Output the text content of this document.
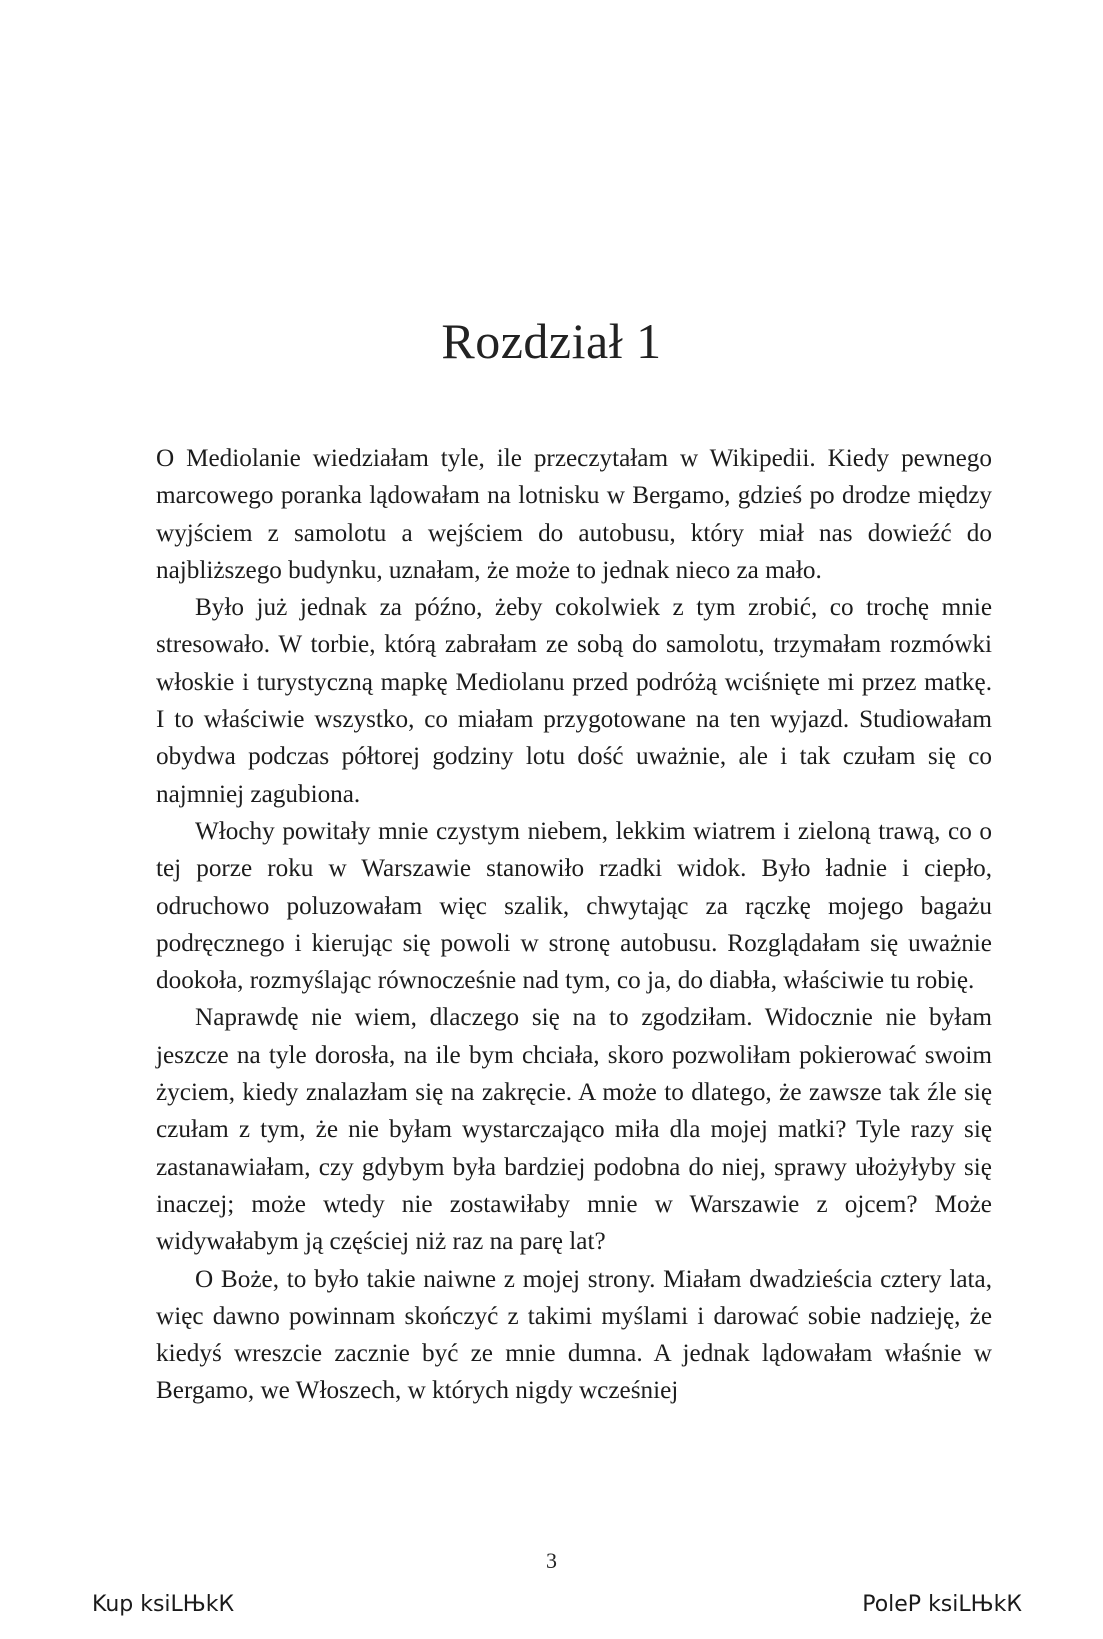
Rozdział 1

O Mediolanie wiedziałam tyle, ile przeczytałam w Wikipedii. Kiedy pewnego marcowego poranka lądowałam na lotnisku w Bergamo, gdzieś po drodze między wyjściem z samolotu a wejściem do autobusu, który miał nas dowieźć do najbliższego budynku, uznałam, że może to jednak nieco za mało.

Było już jednak za późno, żeby cokolwiek z tym zrobić, co trochę mnie stresowało. W torbie, którą zabrałam ze sobą do samolotu, trzymałam rozmówki włoskie i turystyczną mapkę Mediolanu przed podróżą wciśnięte mi przez matkę. I to właściwie wszystko, co miałam przygotowane na ten wyjazd. Studiowałam obydwa podczas półtorej godziny lotu dość uważnie, ale i tak czułam się co najmniej zagubiona.

Włochy powitały mnie czystym niebem, lekkim wiatrem i zieloną trawą, co o tej porze roku w Warszawie stanowiło rzadki widok. Było ładnie i ciepło, odruchowo poluzowałam więc szalik, chwytając za rączkę mojego bagażu podręcznego i kierując się powoli w stronę autobusu. Rozglądałam się uważnie dookoła, rozmyślając równocześnie nad tym, co ja, do diabła, właściwie tu robię.

Naprawdę nie wiem, dlaczego się na to zgodziłam. Widocznie nie byłam jeszcze na tyle dorosła, na ile bym chciała, skoro pozwoliłam pokierować swoim życiem, kiedy znalazłam się na zakręcie. A może to dlatego, że zawsze tak źle się czułam z tym, że nie byłam wystarczająco miła dla mojej matki? Tyle razy się zastanawiałam, czy gdybym była bardziej podobna do niej, sprawy ułożyłyby się inaczej; może wtedy nie zostawiłaby mnie w Warszawie z ojcem? Może widywałabym ją częściej niż raz na parę lat?

O Boże, to było takie naiwne z mojej strony. Miałam dwadzieścia cztery lata, więc dawno powinnam skończyć z takimi myślami i darować sobie nadzieję, że kiedyś wreszcie zacznie być ze mnie dumna. A jednak lądowałam właśnie w Bergamo, we Włoszech, w których nigdy wcześniej

3
Kup ksiLЊkК	PoleР ksiLЊkК
